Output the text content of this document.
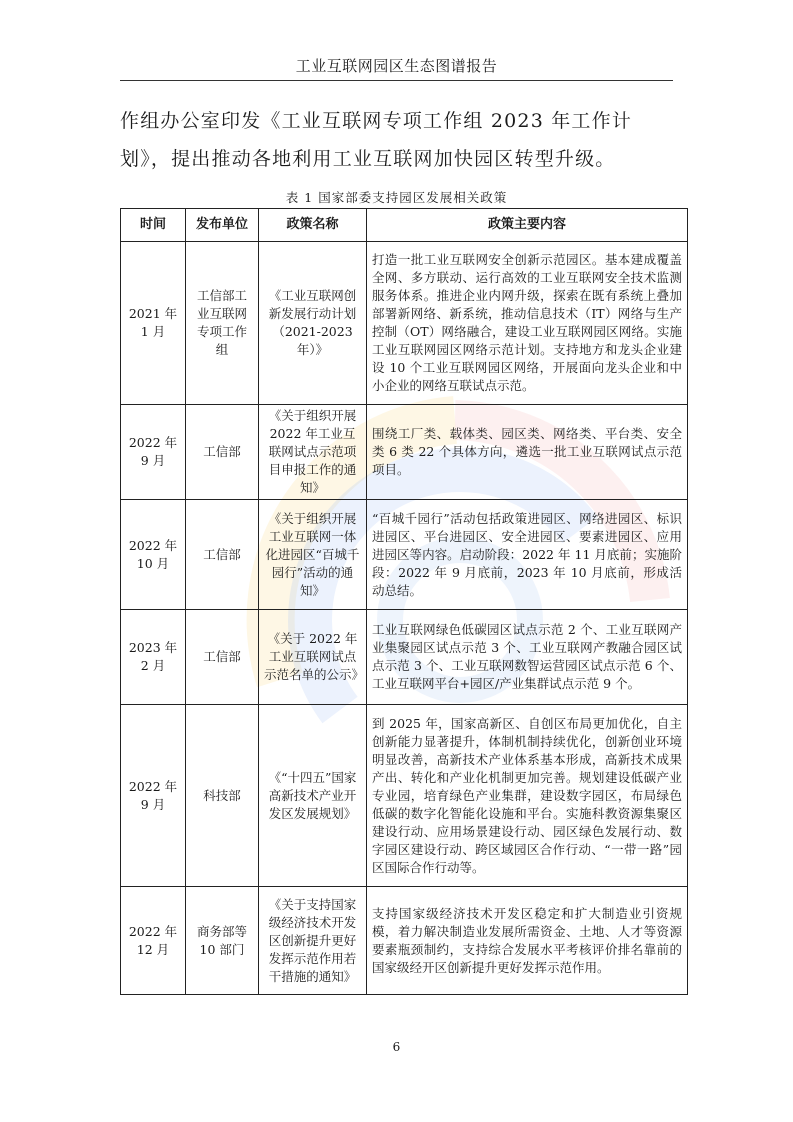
工业互联网园区生态图谱报告

作组办公室印发《工业互联网专项工作组 2023 年工作计划》，提出推动各地利用工业互联网加快园区转型升级。

表 1 国家部委支持园区发展相关政策
时间	发布单位	政策名称	政策主要内容
2021 年 1 月	工信部工业互联网专项工作组	《工业互联网创新发展行动计划（2021-2023 年）》	打造一批工业互联网安全创新示范园区。基本建成覆盖全网、多方联动、运行高效的工业互联网安全技术监测服务体系。推进企业内网升级，探索在既有系统上叠加部署新网络、新系统，推动信息技术（IT）网络与生产控制（OT）网络融合，建设工业互联网园区网络。实施工业互联网园区网络示范计划。支持地方和龙头企业建设 10 个工业互联网园区网络，开展面向龙头企业和中小企业的网络互联试点示范。
2022 年 9 月	工信部	《关于组织开展 2022 年工业互联网试点示范项目申报工作的通知》	围绕工厂类、载体类、园区类、网络类、平台类、安全类 6 类 22 个具体方向，遴选一批工业互联网试点示范项目。
2022 年 10 月	工信部	《关于组织开展工业互联网一体化进园区“百城千园行”活动的通知》	“百城千园行”活动包括政策进园区、网络进园区、标识进园区、平台进园区、安全进园区、要素进园区、应用进园区等内容。启动阶段：2022 年 11 月底前；实施阶段：2022 年 9 月底前，2023 年 10 月底前，形成活动总结。
2023 年 2 月	工信部	《关于 2022 年工业互联网试点示范名单的公示》	工业互联网绿色低碳园区试点示范 2 个、工业互联网产业集聚园区试点示范 3 个、工业互联网产教融合园区试点示范 3 个、工业互联网数智运营园区试点示范 6 个、工业互联网平台+园区/产业集群试点示范 9 个。
2022 年 9 月	科技部	《“十四五”国家高新技术产业开发区发展规划》	到 2025 年，国家高新区、自创区布局更加优化，自主创新能力显著提升，体制机制持续优化，创新创业环境明显改善，高新技术产业体系基本形成，高新技术成果产出、转化和产业化机制更加完善。规划建设低碳产业专业园，培育绿色产业集群，建设数字园区，布局绿色低碳的数字化智能化设施和平台。实施科教资源集聚区建设行动、应用场景建设行动、园区绿色发展行动、数字园区建设行动、跨区域园区合作行动、“一带一路”园区国际合作行动等。
2022 年 12 月	商务部等 10 部门	《关于支持国家级经济技术开发区创新提升更好发挥示范作用若干措施的通知》	支持国家级经济技术开发区稳定和扩大制造业引资规模，着力解决制造业发展所需资金、土地、人才等资源要素瓶颈制约，支持综合发展水平考核评价排名靠前的国家级经开区创新提升更好发挥示范作用。
6
